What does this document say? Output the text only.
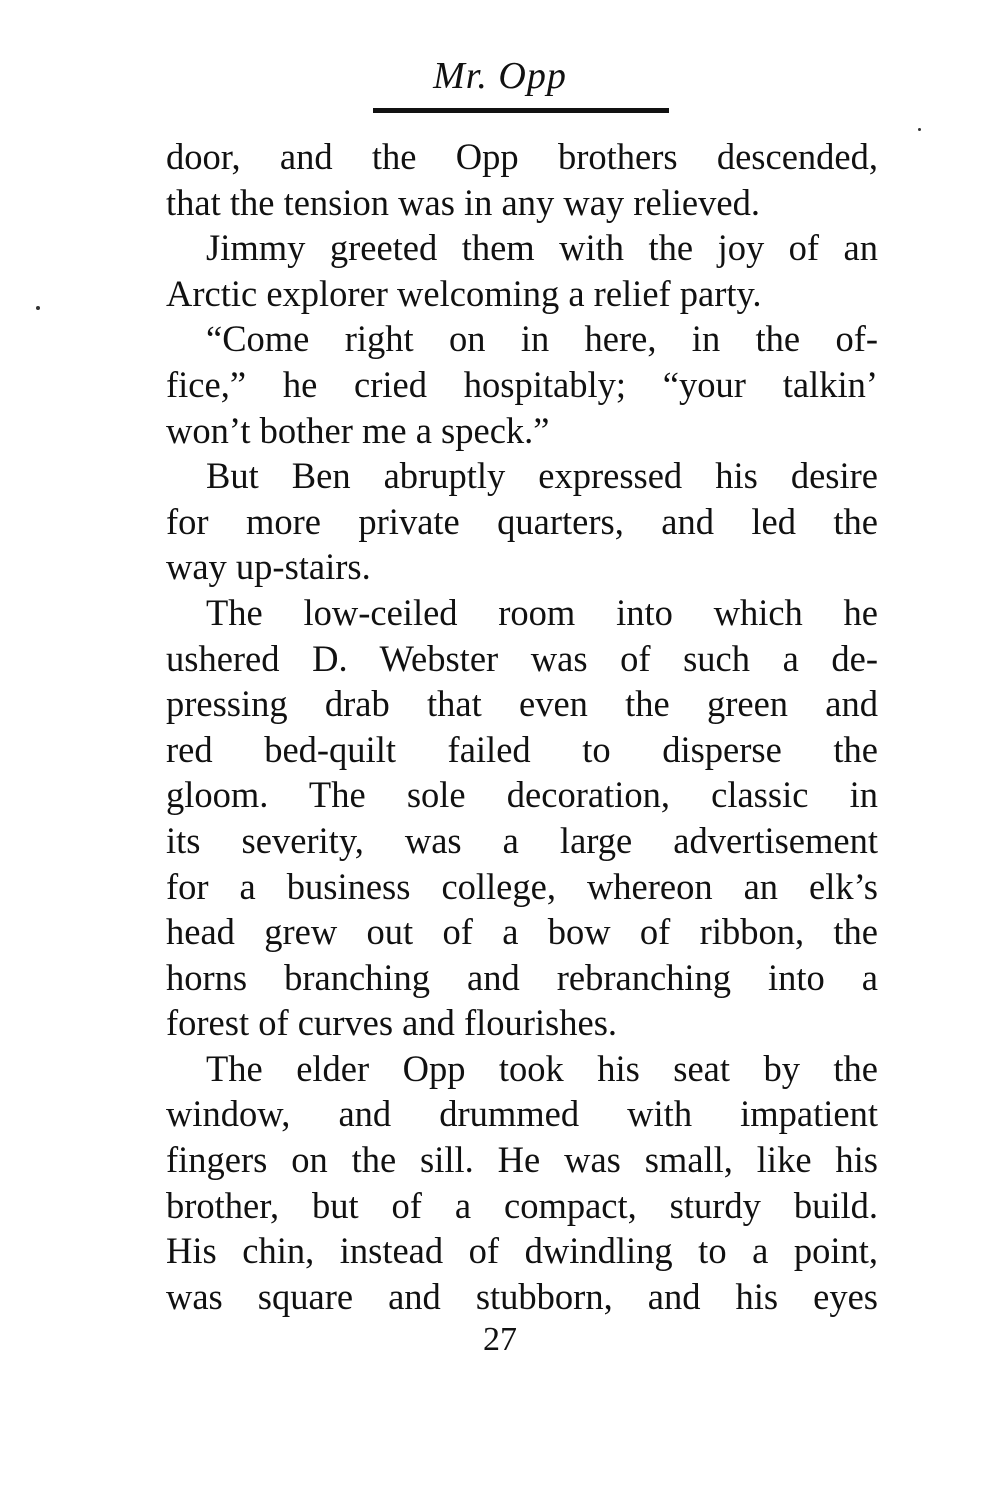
Mr. Opp
door, and the Opp brothers descended,
that the tension was in any way relieved.
Jimmy greeted them with the joy of an
Arctic explorer welcoming a relief party.
“Come right on in here, in the of-
fice,” he cried hospitably; “your talkin’
won’t bother me a speck.”
But Ben abruptly expressed his desire
for more private quarters, and led the
way up-stairs.
The low-ceiled room into which he
ushered D. Webster was of such a de-
pressing drab that even the green and
red bed-quilt failed to disperse the
gloom. The sole decoration, classic in
its severity, was a large advertisement
for a business college, whereon an elk’s
head grew out of a bow of ribbon, the
horns branching and rebranching into a
forest of curves and flourishes.
The elder Opp took his seat by the
window, and drummed with impatient
fingers on the sill. He was small, like his
brother, but of a compact, sturdy build.
His chin, instead of dwindling to a point,
was square and stubborn, and his eyes
27
